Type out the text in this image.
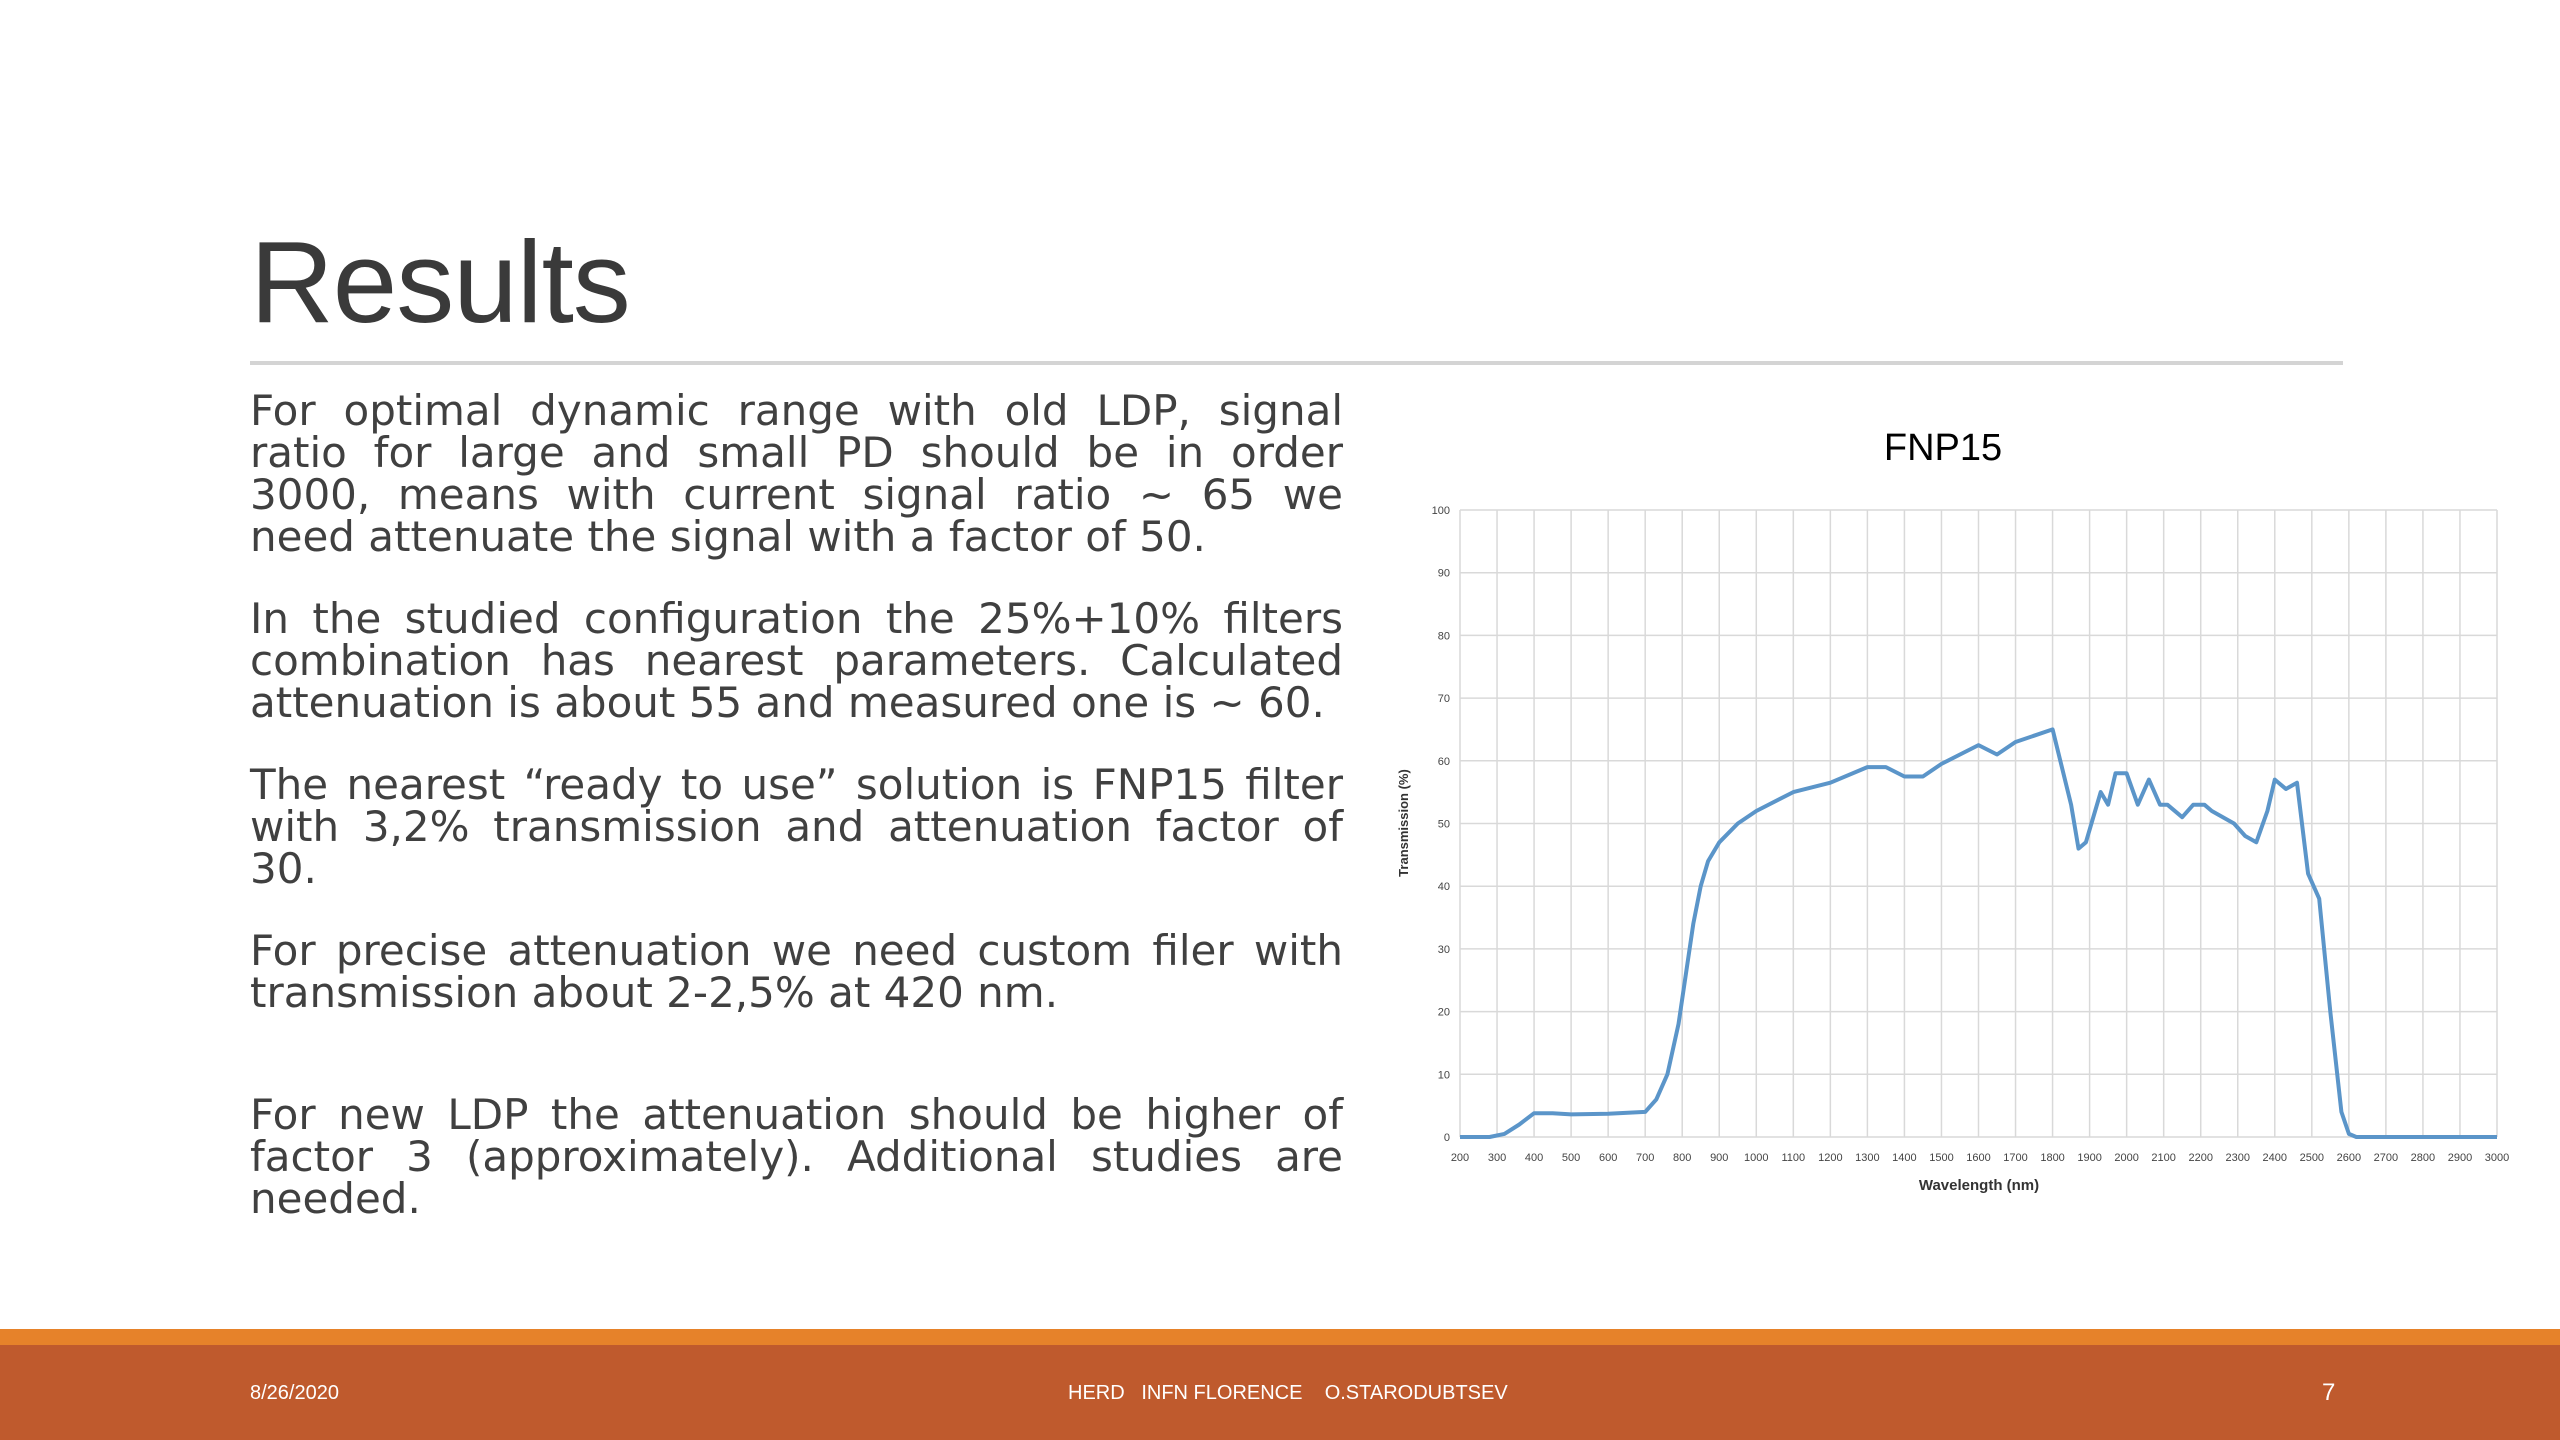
Results

For optimal dynamic range with old LDP, signal ratio for large and small PD should be in order 3000, means with current signal ratio ~ 65 we need attenuate the signal with a factor of 50.

In the studied configuration the 25%+10% filters combination has nearest parameters. Calculated attenuation is about 55 and measured one is ~ 60.

The nearest “ready to use” solution is FNP15 filter with 3,2% transmission and attenuation factor of 30.

For precise attenuation we need custom filer with transmission about 2-2,5% at 420 nm.

For new LDP the attenuation should be higher of factor 3 (approximately). Additional studies are needed.

FNP15
0
10
20
30
40
50
60
70
80
90
100
200 300 400 500 600 700 800 900 1000 1100 1200 1300 1400 1500 1600 1700 1800 1900 2000 2100 2200 2300 2400 2500 2600 2700 2800 2900 3000
Wavelength (nm)
Transmission (%)
8/26/2020	HERD   INFN FLORENCE    O.STARODUBTSEV	7
